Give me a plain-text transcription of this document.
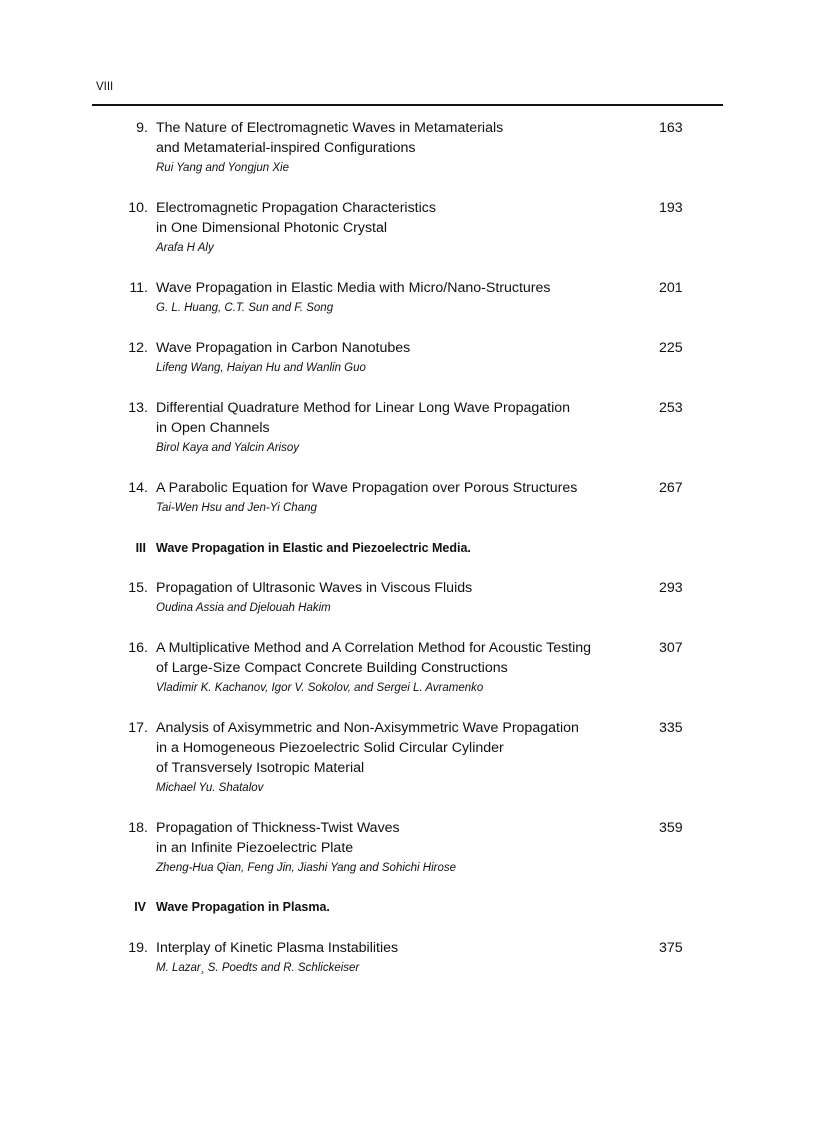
VIII
9. The Nature of Electromagnetic Waves in Metamaterials
and Metamaterial-inspired Configurations
Rui Yang and Yongjun Xie
163
10. Electromagnetic Propagation Characteristics
in One Dimensional Photonic Crystal
Arafa H Aly
193
11. Wave Propagation in Elastic Media with Micro/Nano-Structures
G. L. Huang, C.T. Sun and F. Song
201
12. Wave Propagation in Carbon Nanotubes
Lifeng Wang, Haiyan Hu and Wanlin Guo
225
13. Differential Quadrature Method for Linear Long Wave Propagation
in Open Channels
Birol Kaya and Yalcin Arisoy
253
III Wave Propagation in Elastic and Piezoelectric Media.
14. A Parabolic Equation for Wave Propagation over Porous Structures
Tai-Wen Hsu and Jen-Yi Chang
267
15. Propagation of Ultrasonic Waves in Viscous Fluids
Oudina Assia and Djelouah Hakim
293
16. A Multiplicative Method and A Correlation Method for Acoustic Testing
of Large-Size Compact Concrete Building Constructions
Vladimir K. Kachanov, Igor V. Sokolov, and Sergei L. Avramenko
307
17. Analysis of Axisymmetric and Non-Axisymmetric Wave Propagation
in a Homogeneous Piezoelectric Solid Circular Cylinder
of Transversely Isotropic Material
Michael Yu. Shatalov
335
IV Wave Propagation in Plasma.
18. Propagation of Thickness-Twist Waves
in an Infinite Piezoelectric Plate
Zheng-Hua Qian, Feng Jin, Jiashi Yang and Sohichi Hirose
359
19. Interplay of Kinetic Plasma Instabilities
M. Lazar¸ S. Poedts and R. Schlickeiser
375
